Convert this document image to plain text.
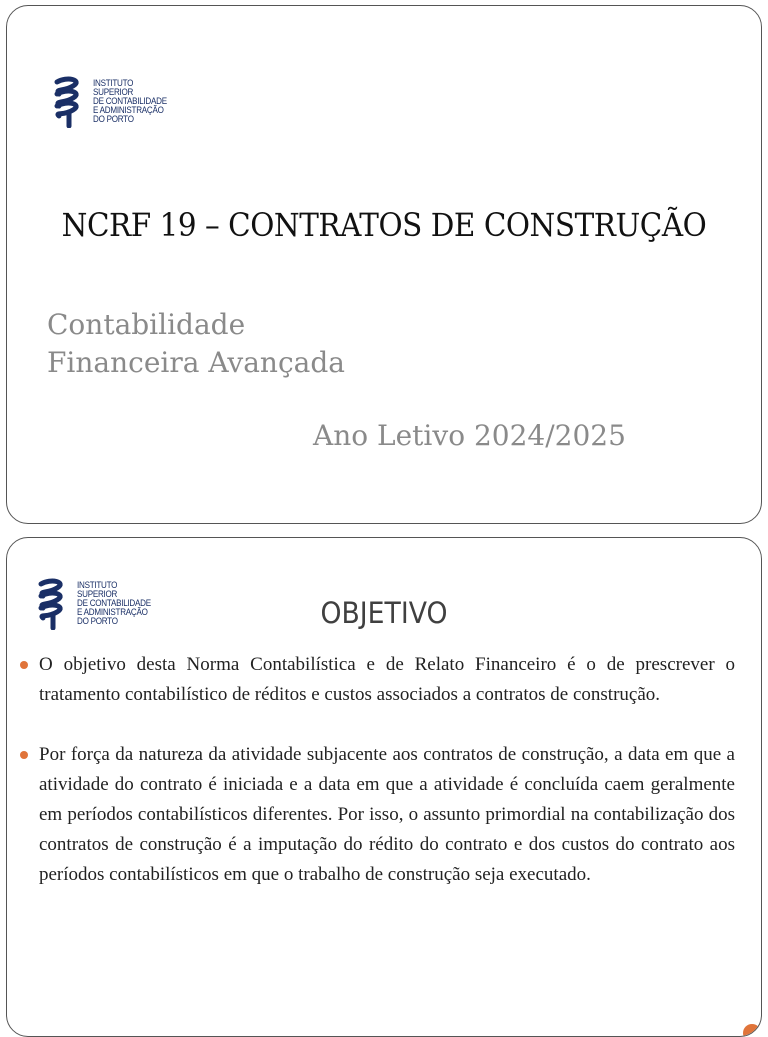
INSTITUTO
SUPERIOR
DE CONTABILIDADE
E ADMINISTRAÇÃO
DO PORTO
NCRF 19 – CONTRATOS DE CONSTRUÇÃO
Contabilidade
Financeira Avançada
Ano Letivo 2024/2025
INSTITUTO
SUPERIOR
DE CONTABILIDADE
E ADMINISTRAÇÃO
DO PORTO	OBJETIVO
O objetivo desta Norma Contabilística e de Relato Financeiro é o de prescrever o tratamento contabilístico de réditos e custos associados a contratos de construção.
Por força da natureza da atividade subjacente aos contratos de construção, a data em que a atividade do contrato é iniciada e a data em que a atividade é concluída caem geralmente em períodos contabilísticos diferentes. Por isso, o assunto primordial na contabilização dos contratos de construção é a imputação do rédito do contrato e dos custos do contrato aos períodos contabilísticos em que o trabalho de construção seja executado.
